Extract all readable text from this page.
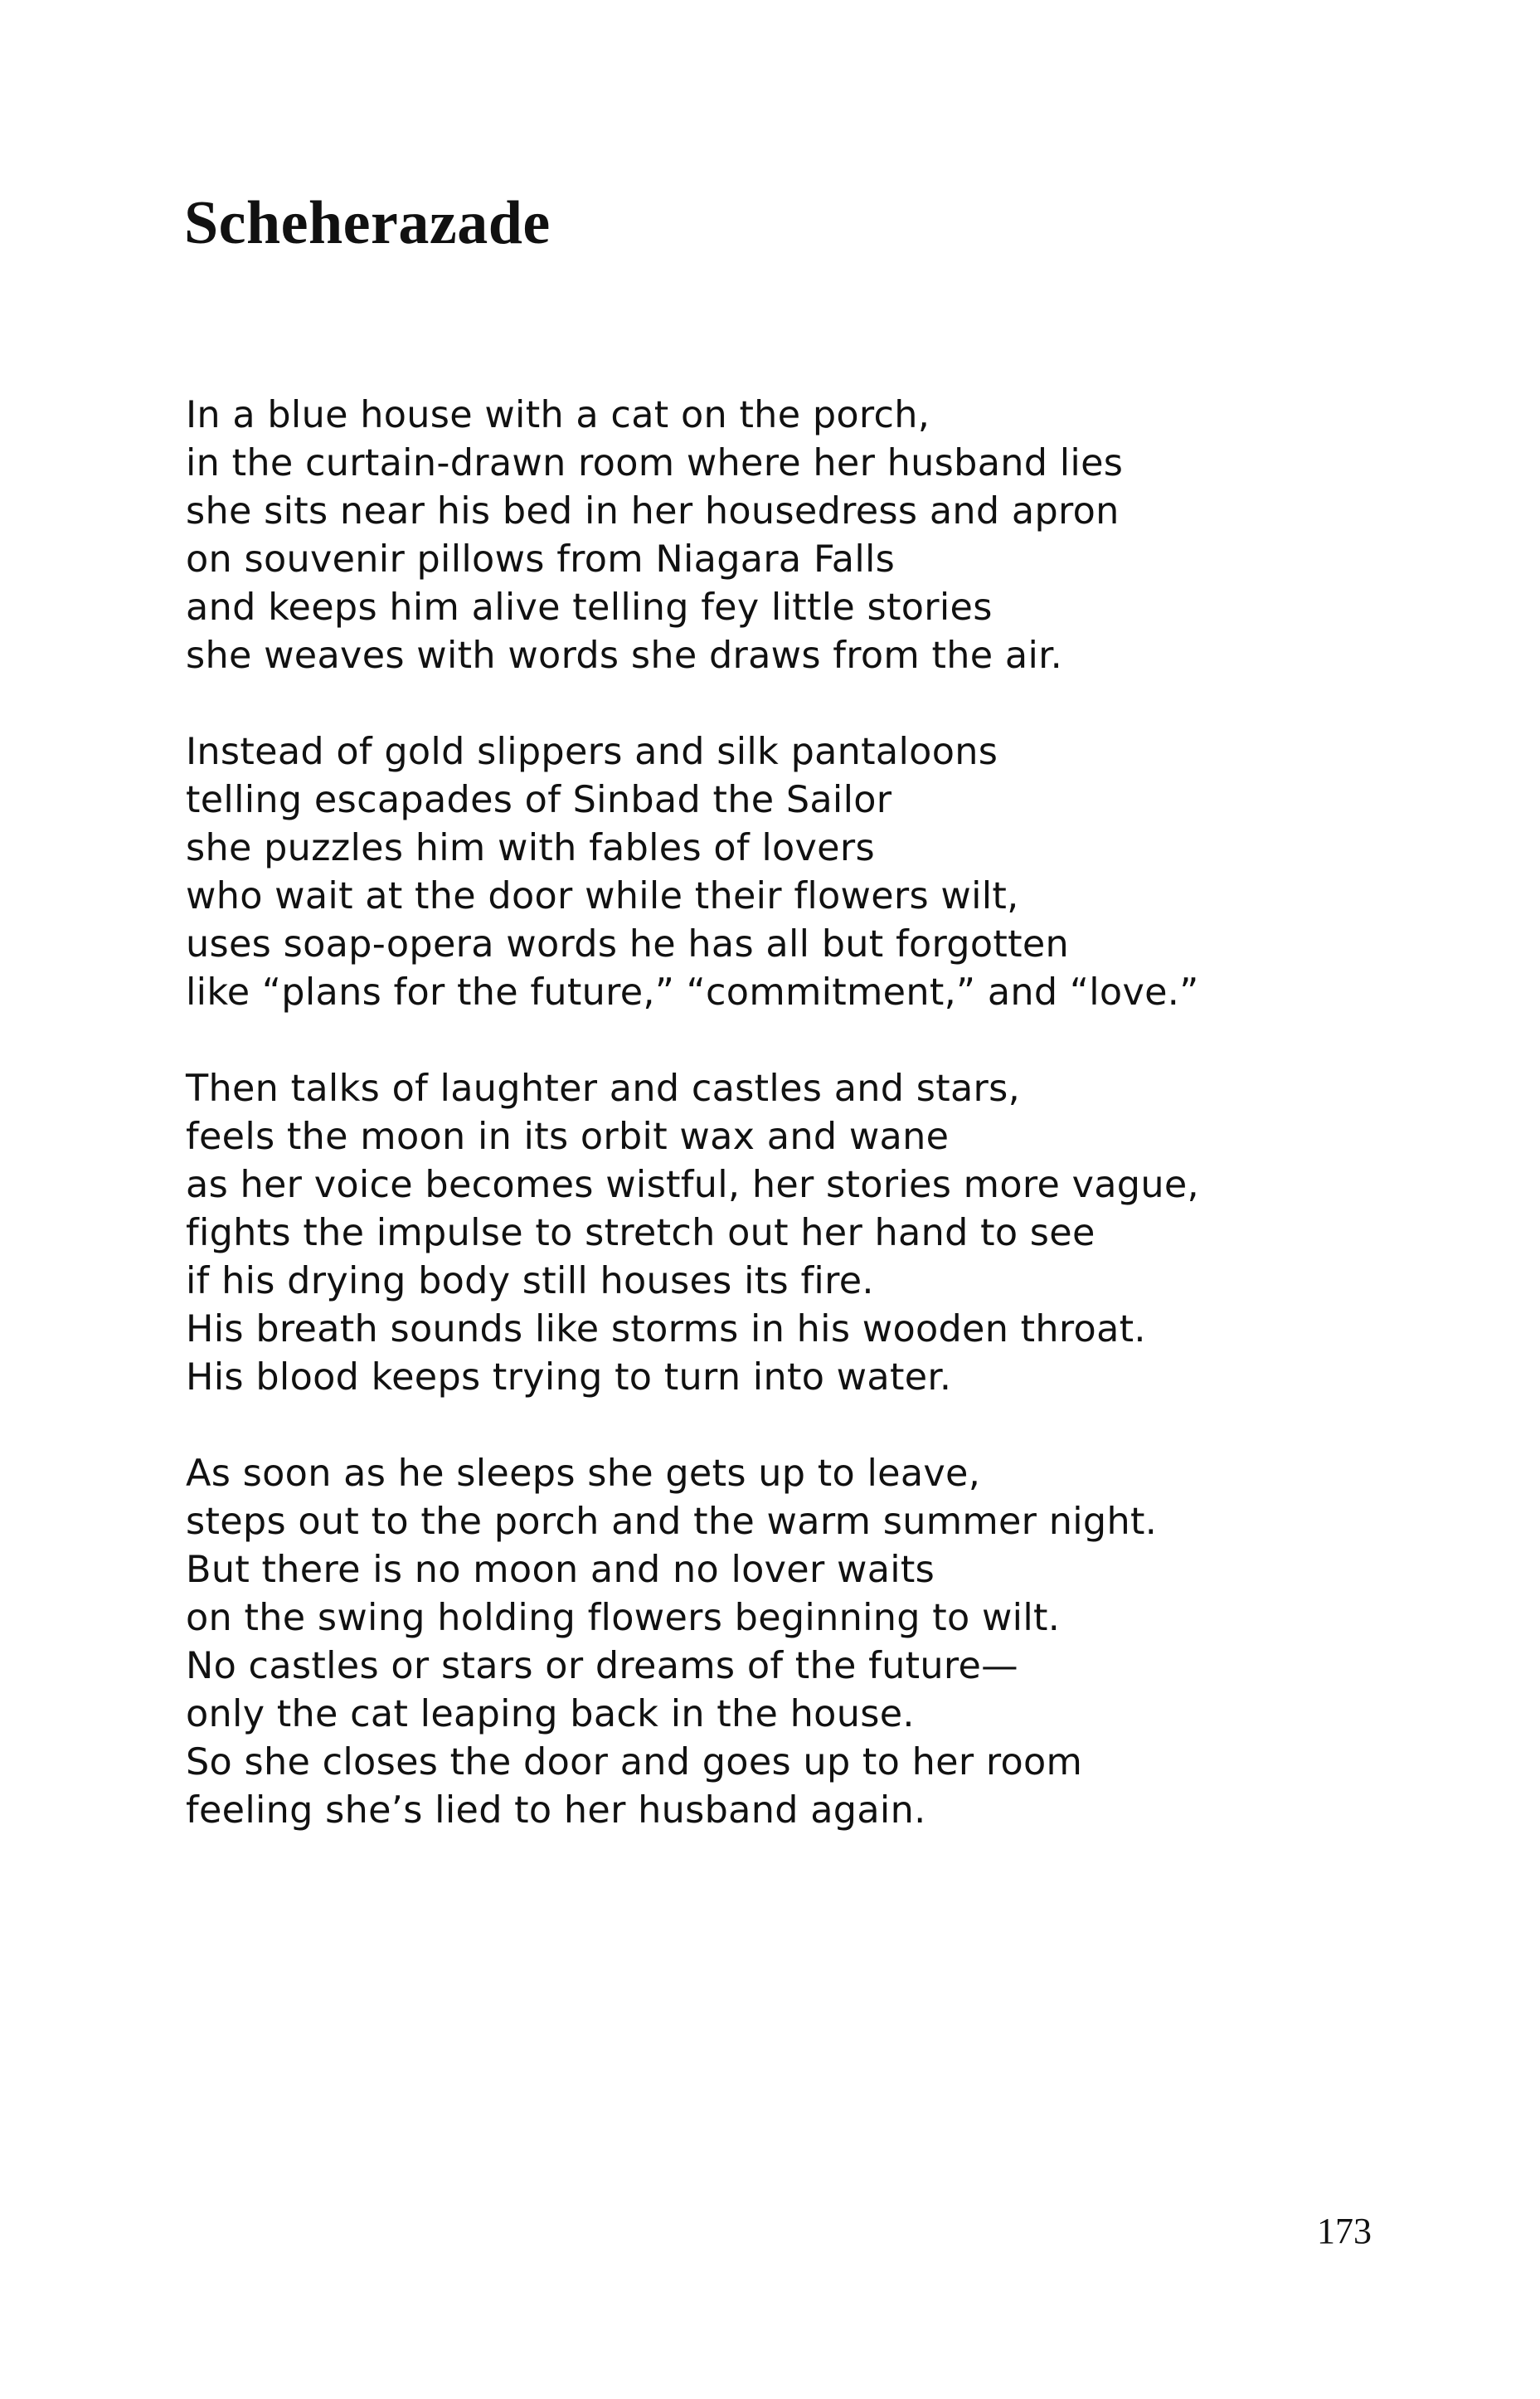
Scheherazade
In a blue house with a cat on the porch,
in the curtain-drawn room where her husband lies
she sits near his bed in her housedress and apron
on souvenir pillows from Niagara Falls
and keeps him alive telling fey little stories
she weaves with words she draws from the air.
Instead of gold slippers and silk pantaloons
telling escapades of Sinbad the Sailor
she puzzles him with fables of lovers
who wait at the door while their flowers wilt,
uses soap-opera words he has all but forgotten
like “plans for the future,” “commitment,” and “love.”
Then talks of laughter and castles and stars,
feels the moon in its orbit wax and wane
as her voice becomes wistful, her stories more vague,
fights the impulse to stretch out her hand to see
if his drying body still houses its fire.
His breath sounds like storms in his wooden throat.
His blood keeps trying to turn into water.
As soon as he sleeps she gets up to leave,
steps out to the porch and the warm summer night.
But there is no moon and no lover waits
on the swing holding flowers beginning to wilt.
No castles or stars or dreams of the future—
only the cat leaping back in the house.
So she closes the door and goes up to her room
feeling she’s lied to her husband again.
173
